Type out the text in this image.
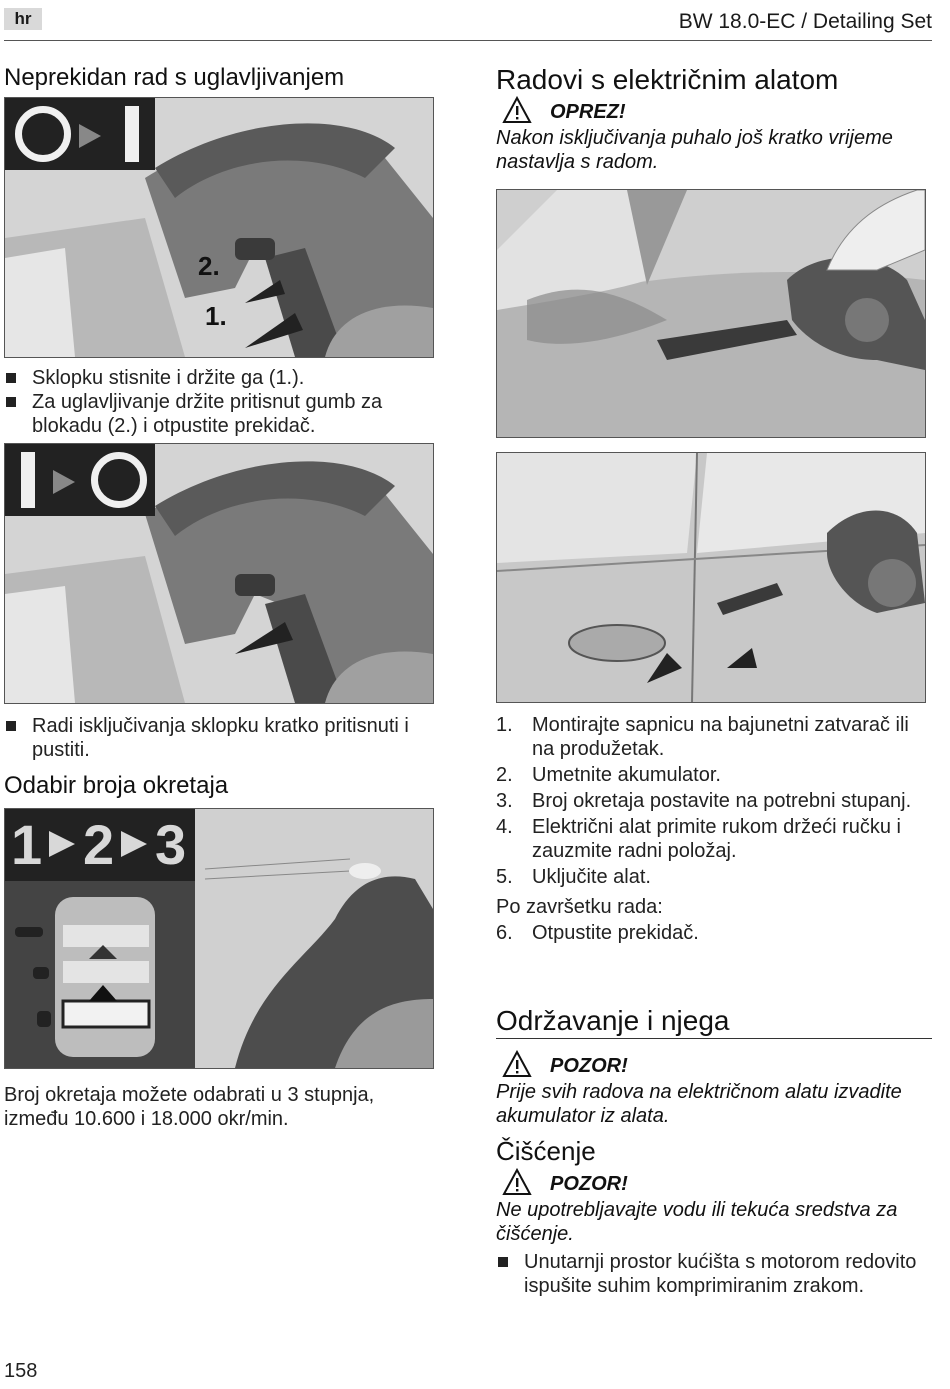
hr	BW 18.0-EC / Detailing Set
Neprekidan rad s uglavljivanjem
2.
1.

Sklopku stisnite i držite ga (1.).

Za uglavljivanje držite pritisnut gumb za blokadu (2.) i otpustite prekidač.

Radi isključivanja sklopku kratko pritisnuti i pustiti.

Odabir broja okretaja
1 2 3
Broj okretaja možete odabrati u 3 stupnja, između 10.600 i 18.000 okr/min.
Radovi s električnim alatom
OPREZ!
Nakon isključivanja puhalo još kratko vrijeme nastavlja s radom.
1. Montirajte sapnicu na bajunetni zatvarač ili na produžetak.
2. Umetnite akumulator.
3. Broj okretaja postavite na potrebni stupanj.
4. Električni alat primite rukom držeći ručku i zauzmite radni položaj.
5. Uključite alat.
Po završetku rada:
6. Otpustite prekidač.
Održavanje i njega
POZOR!
Prije svih radova na električnom alatu izvadite akumulator iz alata.
Čišćenje
POZOR!
Ne upotrebljavajte vodu ili tekuća sredstva za čišćenje.

Unutarnji prostor kućišta s motorom redovito ispušite suhim komprimiranim zrakom.

158
